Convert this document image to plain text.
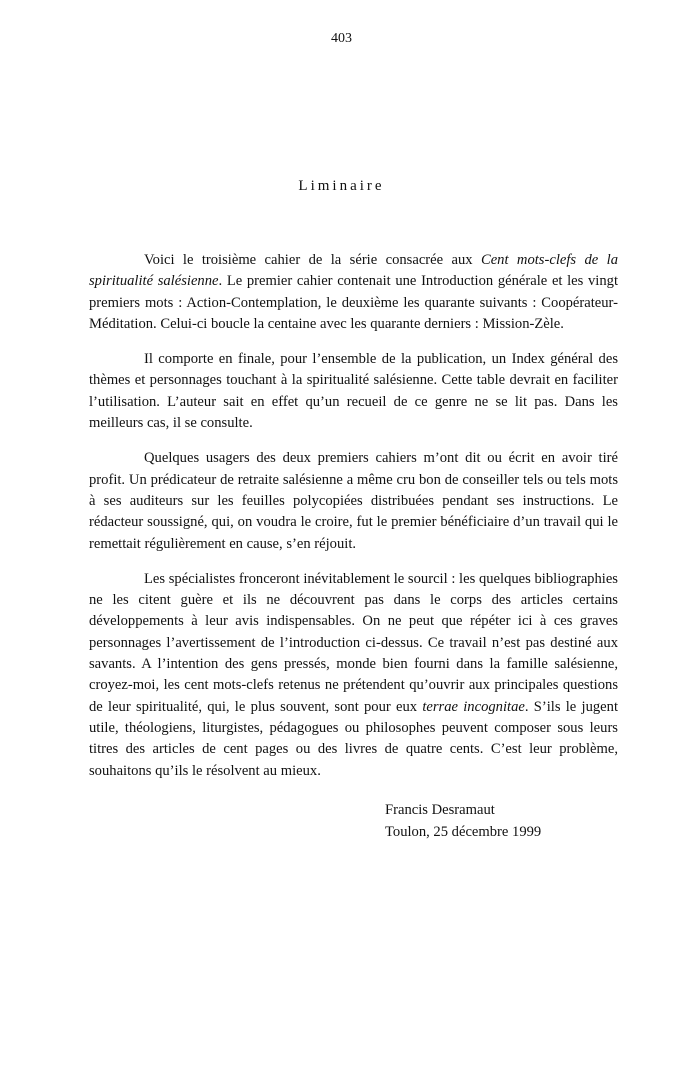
403
Liminaire

Voici le troisième cahier de la série consacrée aux Cent mots-clefs de la spiritualité salésienne. Le premier cahier contenait une Introduction générale et les vingt premiers mots : Action-Contemplation, le deuxième les quarante suivants : Coopérateur-Méditation. Celui-ci boucle la centaine avec les quarante derniers : Mission-Zèle.

Il comporte en finale, pour l’ensemble de la publication, un Index général des thèmes et personnages touchant à la spiritualité salésienne. Cette table devrait en faciliter l’utilisation. L’auteur sait en effet qu’un recueil de ce genre ne se lit pas. Dans les meilleurs cas, il se consulte.

Quelques usagers des deux premiers cahiers m’ont dit ou écrit en avoir tiré profit. Un prédicateur de retraite salésienne a même cru bon de conseiller tels ou tels mots à ses auditeurs sur les feuilles polycopiées distribuées pendant ses instructions. Le rédacteur soussigné, qui, on voudra le croire, fut le premier bénéficiaire d’un travail qui le remettait régulièrement en cause, s’en réjouit.

Les spécialistes fronceront inévitablement le sourcil : les quelques bibliographies ne les citent guère et ils ne découvrent pas dans le corps des articles certains développements à leur avis indispensables. On ne peut que répéter ici à ces graves personnages l’avertissement de l’introduction ci-dessus. Ce travail n’est pas destiné aux savants. A l’intention des gens pressés, monde bien fourni dans la famille salésienne, croyez-moi, les cent mots-clefs retenus ne prétendent qu’ouvrir aux principales questions de leur spiritualité, qui, le plus souvent, sont pour eux terrae incognitae. S’ils le jugent utile, théologiens, liturgistes, pédagogues ou philosophes peuvent composer sous leurs titres des articles de cent pages ou des livres de quatre cents. C’est leur problème, souhaitons qu’ils le résolvent au mieux.

Francis Desramaut
Toulon, 25 décembre 1999
